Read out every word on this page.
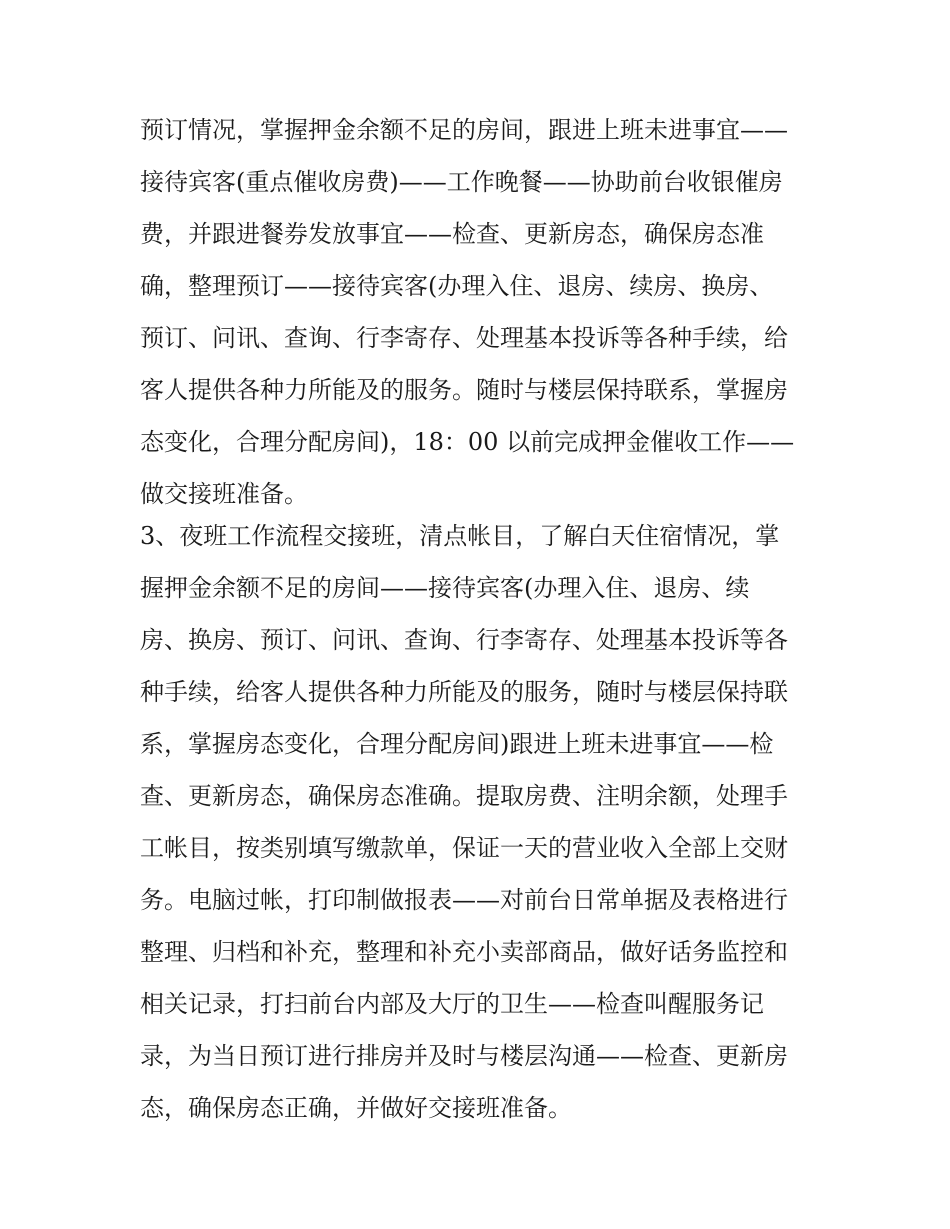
预订情况，掌握押金余额不足的房间，跟进上班未进事宜——
接待宾客(重点催收房费)——工作晚餐——协助前台收银催房
费，并跟进餐券发放事宜——检查、更新房态，确保房态准
确，整理预订——接待宾客(办理入住、退房、续房、换房、
预订、问讯、查询、行李寄存、处理基本投诉等各种手续，给
客人提供各种力所能及的服务。随时与楼层保持联系，掌握房
态变化，合理分配房间)，18：00 以前完成押金催收工作——
做交接班准备。
3、夜班工作流程交接班，清点帐目，了解白天住宿情况，掌
握押金余额不足的房间——接待宾客(办理入住、退房、续
房、换房、预订、问讯、查询、行李寄存、处理基本投诉等各
种手续，给客人提供各种力所能及的服务，随时与楼层保持联
系，掌握房态变化，合理分配房间)跟进上班未进事宜——检
查、更新房态，确保房态准确。提取房费、注明余额，处理手
工帐目，按类别填写缴款单，保证一天的营业收入全部上交财
务。电脑过帐，打印制做报表——对前台日常单据及表格进行
整理、归档和补充，整理和补充小卖部商品，做好话务监控和
相关记录，打扫前台内部及大厅的卫生——检查叫醒服务记
录，为当日预订进行排房并及时与楼层沟通——检查、更新房
态，确保房态正确，并做好交接班准备。
